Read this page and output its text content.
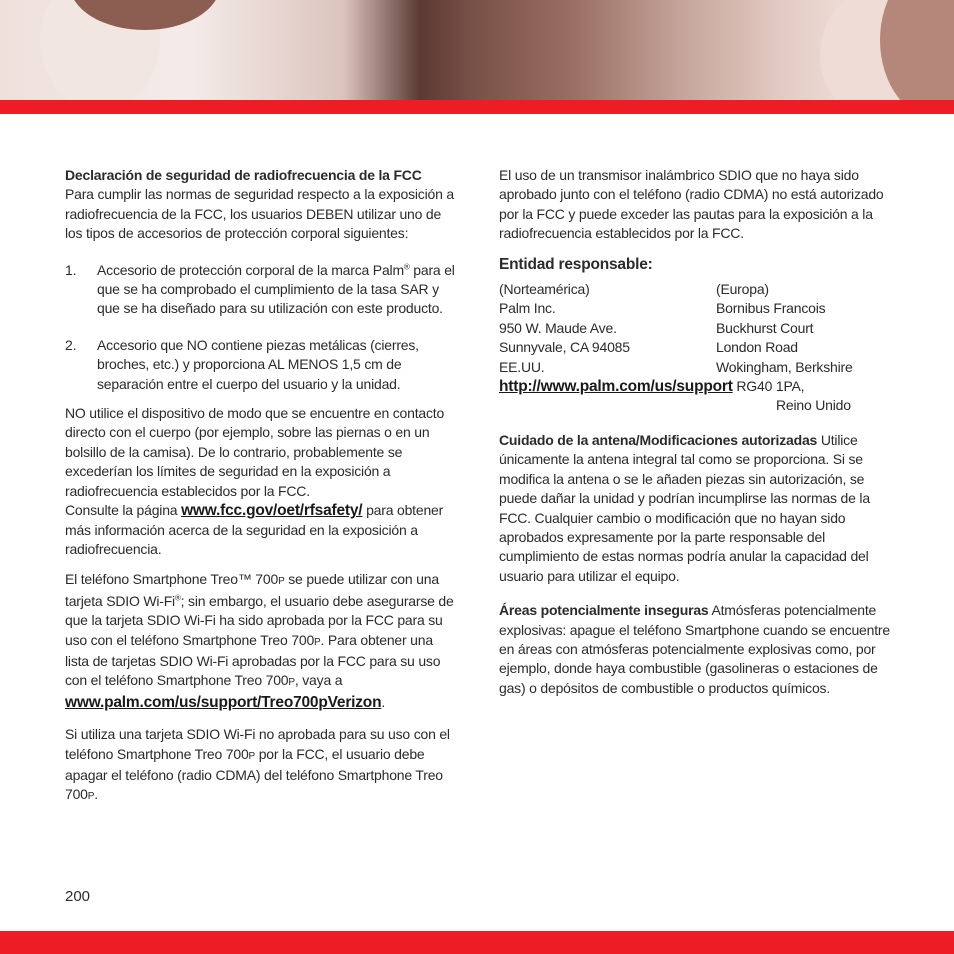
Declaración de seguridad de radiofrecuencia de la FCC

Para cumplir las normas de seguridad respecto a la exposición a radiofrecuencia de la FCC, los usuarios DEBEN utilizar uno de los tipos de accesorios de protección corporal siguientes:

1. Accesorio de protección corporal de la marca Palm® para el que se ha comprobado el cumplimiento de la tasa SAR y que se ha diseñado para su utilización con este producto.
2. Accesorio que NO contiene piezas metálicas (cierres, broches, etc.) y proporciona AL MENOS 1,5 cm de separación entre el cuerpo del usuario y la unidad.

NO utilice el dispositivo de modo que se encuentre en contacto directo con el cuerpo (por ejemplo, sobre las piernas o en un bolsillo de la camisa). De lo contrario, probablemente se excederían los límites de seguridad en la exposición a radiofrecuencia establecidos por la FCC.
Consulte la página www.fcc.gov/oet/rfsafety/ para obtener más información acerca de la seguridad en la exposición a radiofrecuencia.

El teléfono Smartphone Treo™ 700P se puede utilizar con una tarjeta SDIO Wi-Fi®; sin embargo, el usuario debe asegurarse de que la tarjeta SDIO Wi-Fi ha sido aprobada por la FCC para su uso con el teléfono Smartphone Treo 700P. Para obtener una lista de tarjetas SDIO Wi-Fi aprobadas por la FCC para su uso con el teléfono Smartphone Treo 700P, vaya a
www.palm.com/us/support/Treo700pVerizon.

Si utiliza una tarjeta SDIO Wi-Fi no aprobada para su uso con el teléfono Smartphone Treo 700P por la FCC, el usuario debe apagar el teléfono (radio CDMA) del teléfono Smartphone Treo 700P.

El uso de un transmisor inalámbrico SDIO que no haya sido aprobado junto con el teléfono (radio CDMA) no está autorizado por la FCC y puede exceder las pautas para la exposición a la radiofrecuencia establecidos por la FCC.

Entidad responsable:

(Norteamérica)
Palm Inc.
950 W. Maude Ave.
Sunnyvale, CA 94085
EE.UU.
(Europa)
Bornibus Francois
Buckhurst Court
London Road
Wokingham, Berkshire
http://www.palm.com/us/support RG40 1PA,
Reino Unido

Cuidado de la antena/Modificaciones autorizadas Utilice únicamente la antena integral tal como se proporciona. Si se modifica la antena o se le añaden piezas sin autorización, se puede dañar la unidad y podrían incumplirse las normas de la FCC. Cualquier cambio o modificación que no hayan sido aprobados expresamente por la parte responsable del cumplimiento de estas normas podría anular la capacidad del usuario para utilizar el equipo.

Áreas potencialmente inseguras Atmósferas potencialmente explosivas: apague el teléfono Smartphone cuando se encuentre en áreas con atmósferas potencialmente explosivas como, por ejemplo, donde haya combustible (gasolineras o estaciones de gas) o depósitos de combustible o productos químicos.

200
